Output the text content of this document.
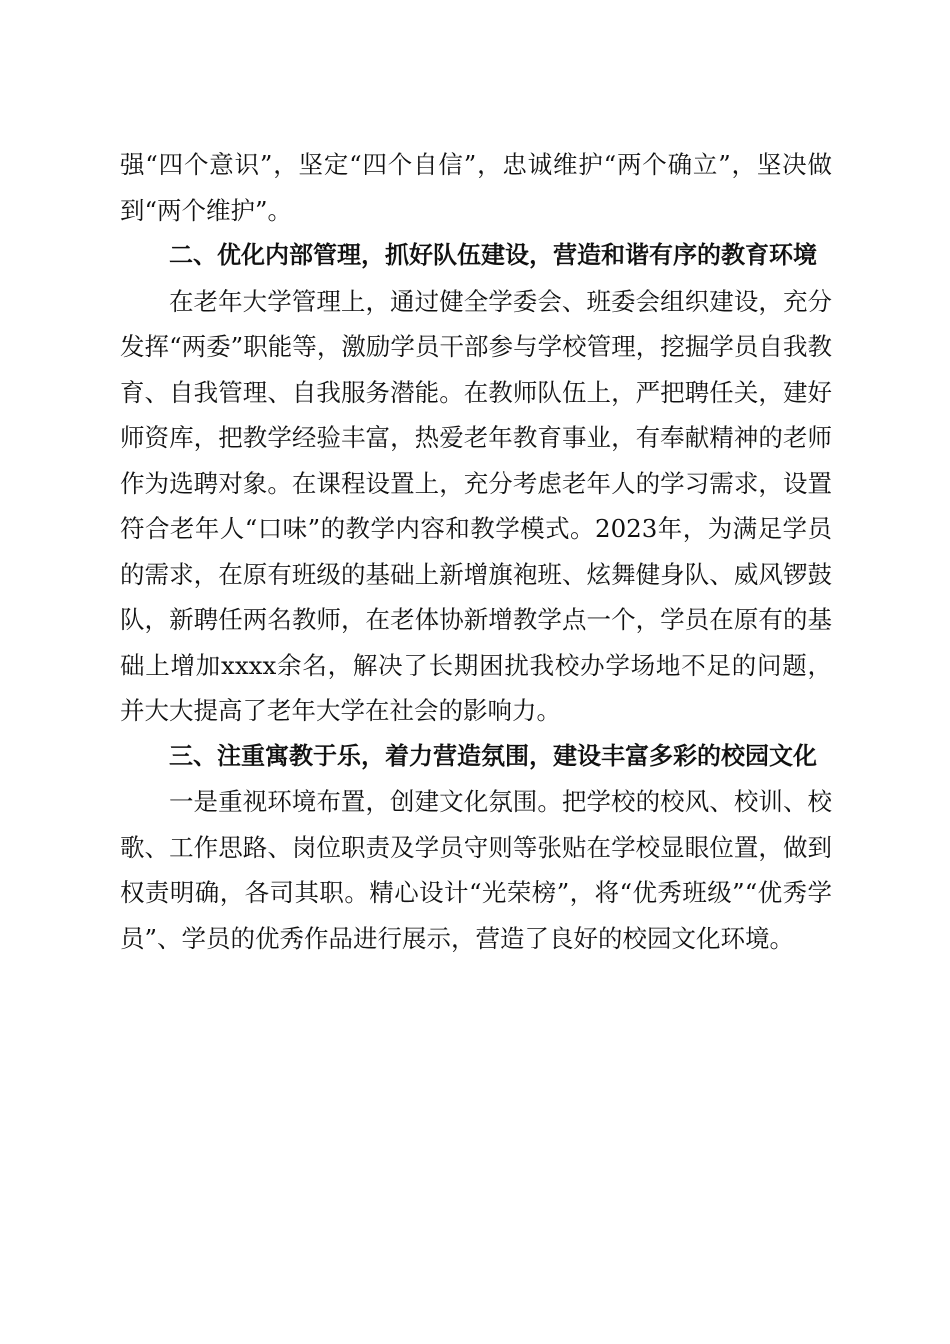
强“四个意识”，坚定“四个自信”，忠诚维护“两个确立”，坚决做到“两个维护”。

二、优化内部管理，抓好队伍建设，营造和谐有序的教育环境

在老年大学管理上，通过健全学委会、班委会组织建设，充分发挥“两委”职能等，激励学员干部参与学校管理，挖掘学员自我教育、自我管理、自我服务潜能。在教师队伍上，严把聘任关，建好师资库，把教学经验丰富，热爱老年教育事业，有奉献精神的老师作为选聘对象。在课程设置上，充分考虑老年人的学习需求，设置符合老年人“口味”的教学内容和教学模式。2023年，为满足学员的需求，在原有班级的基础上新增旗袍班、炫舞健身队、威风锣鼓队，新聘任两名教师，在老体协新增教学点一个，学员在原有的基础上增加xxxx余名，解决了长期困扰我校办学场地不足的问题，并大大提高了老年大学在社会的影响力。

三、注重寓教于乐，着力营造氛围，建设丰富多彩的校园文化

一是重视环境布置，创建文化氛围。把学校的校风、校训、校歌、工作思路、岗位职责及学员守则等张贴在学校显眼位置，做到权责明确，各司其职。精心设计“光荣榜”，将“优秀班级”“优秀学员”、学员的优秀作品进行展示，营造了良好的校园文化环境。
